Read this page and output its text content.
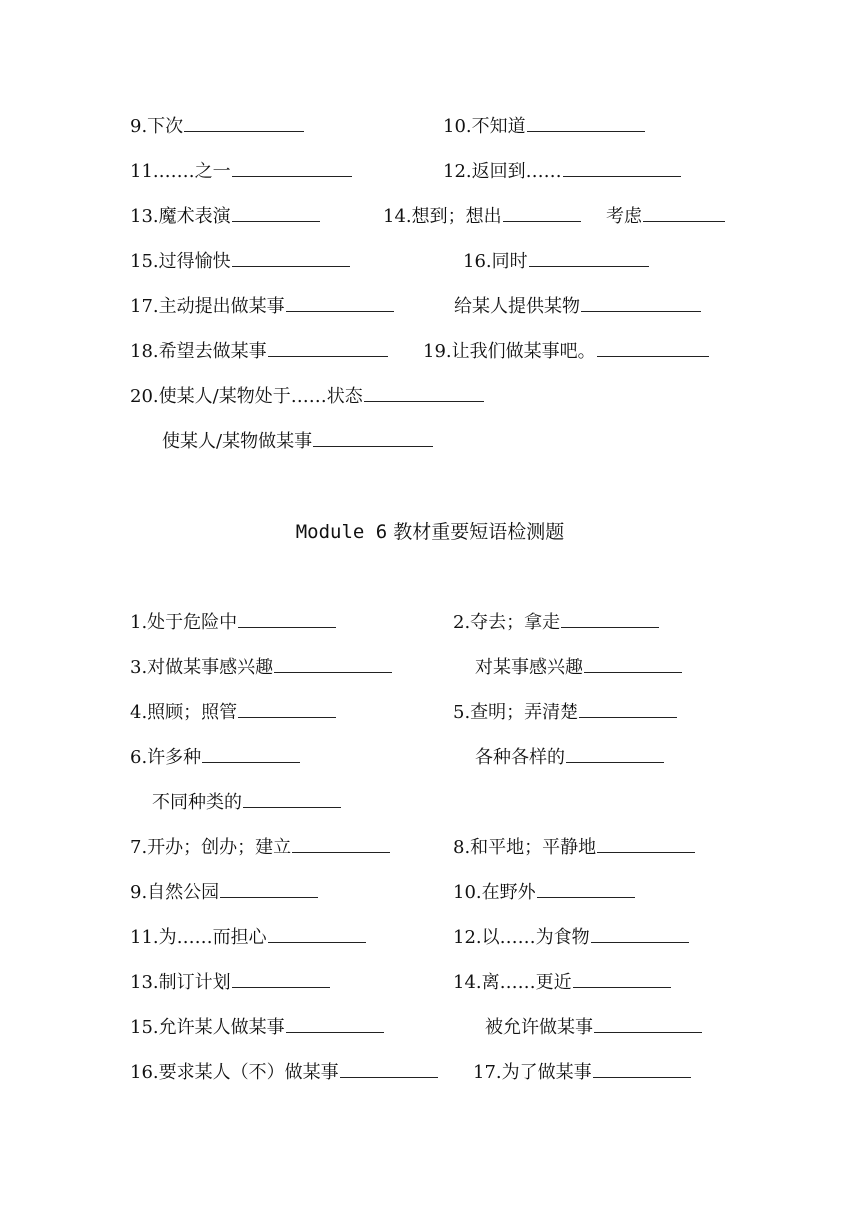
9.下次	10.不知道
11.……之一	12.返回到……
13.魔术表演	14.想到；想出	考虑
15.过得愉快	16.同时
17.主动提出做某事	给某人提供某物
18.希望去做某事	19.让我们做某事吧。
20.使某人/某物处于……状态
使某人/某物做某事
Module 6 教材重要短语检测题
1.处于危险中	2.夺去；拿走
3.对做某事感兴趣	对某事感兴趣
4.照顾；照管	5.查明；弄清楚
6.许多种	各种各样的
不同种类的
7.开办；创办；建立	8.和平地；平静地
9.自然公园	10.在野外
11.为……而担心	12.以……为食物
13.制订计划	14.离……更近
15.允许某人做某事	被允许做某事
16.要求某人（不）做某事	17.为了做某事
